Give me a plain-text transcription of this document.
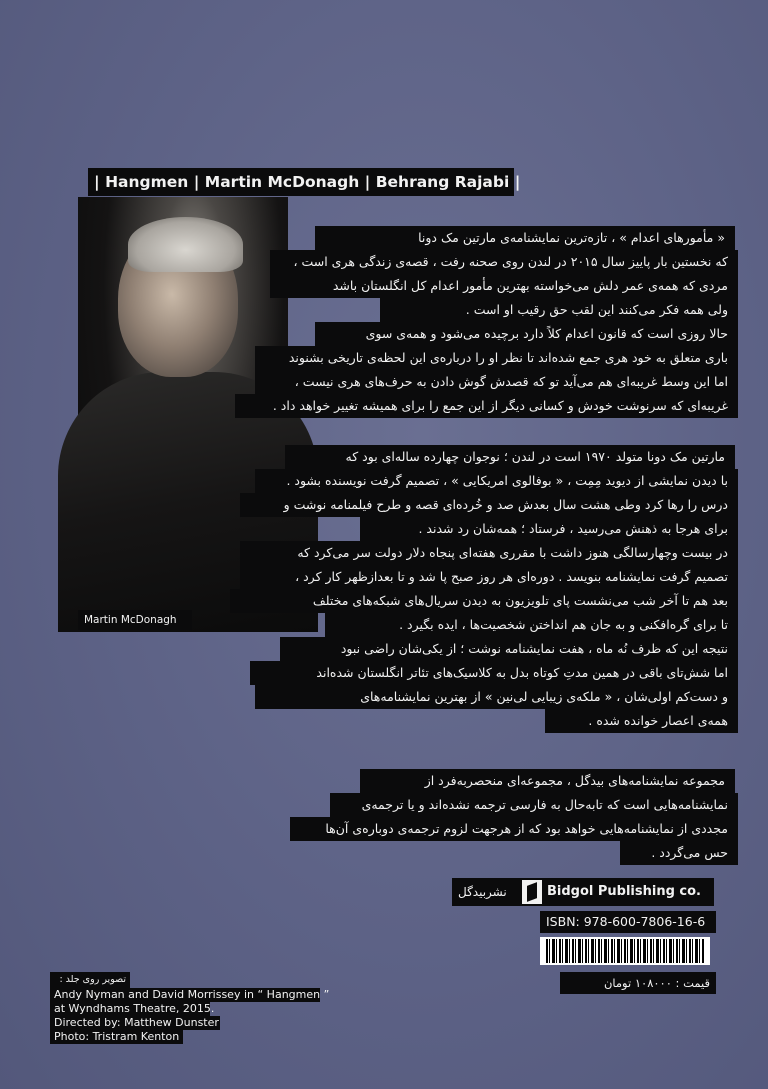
| Hangmen | Martin McDonagh | Behrang Rajabi |
Martin McDonagh
« مأمورهای اعدام » ، تازه‌ترین نمایشنامه‌ی مارتین مک دونا
که نخستین بار پاییز سال ۲۰۱۵ در لندن روی صحنه رفت ، قصه‌ی زندگی هری است ،
مردی که همه‌ی عمر دلش می‌خواسته بهترین مأمور اعدام کل انگلستان باشد
ولی همه فکر می‌کنند این لقب حق رقیب او است .
حالا روزی است که قانون اعدام کلاً دارد برچیده می‌شود و همه‌ی سوی
باری متعلق به خود هری جمع شده‌اند تا نظر او را درباره‌ی این لحظه‌ی تاریخی بشنوند
اما این وسط غریبه‌ای هم می‌آید تو که قصدش گوش دادن به حرف‌های هری نیست ،
غریبه‌ای که سرنوشت خودش و کسانی دیگر از این جمع را برای همیشه تغییر خواهد داد .
مارتین مک دونا متولد ۱۹۷۰ است در لندن ؛ نوجوان چهارده ساله‌ای بود که
با دیدن نمایشی از دیوید مِمِت ، « بوفالوی امریکایی » ، تصمیم گرفت نویسنده بشود .
درس را رها کرد وطی هشت سال بعدش صد و خُرده‌ای قصه و طرح فیلمنامه نوشت و
برای هرجا به ذهنش می‌رسید ، فرستاد ؛ همه‌شان رد شدند .
در بیست وچهارسالگی هنوز داشت با مقرری هفته‌ای پنجاه دلار دولت سر می‌کرد که
تصمیم گرفت نمایشنامه بنویسد . دوره‌ای هر روز صبح پا شد و تا بعدازظهر کار کرد ،
بعد هم تا آخر شب می‌نشست پای تلویزیون به دیدن سریال‌های شبکه‌های مختلف
تا برای گره‌افکنی و به جان هم انداختن شخصیت‌ها ، ایده بگیرد .
نتیجه این که ظرف نُه ماه ، هفت نمایشنامه نوشت ؛ از یکی‌شان راضی نبود
اما شش‌تای باقی در همین مدتِ کوتاه بدل به کلاسیک‌های تئاتر انگلستان شده‌اند
و دست‌کم اولی‌شان ، « ملکه‌ی زیبایی لی‌نین » از بهترین نمایشنامه‌های
همه‌ی اعصار خوانده شده .
مجموعه نمایشنامه‌های بیدگل ، مجموعه‌ای منحصربه‌فرد از
نمایشنامه‌هایی است که تابه‌حال به فارسی ترجمه نشده‌اند و یا ترجمه‌ی
مجددی از نمایشنامه‌هایی خواهد بود که از هرجهت لزوم ترجمه‌ی دوباره‌ی آن‌ها
حس می‌گردد .
نشربیدگل	Bidgol Publishing co.
ISBN: 978-600-7806-16-6
قیمت : ۱۰۸۰۰۰ تومان
تصویر روی جلد :
Andy Nyman and David Morrissey in “ Hangmen ”
at Wyndhams Theatre, 2015.
Directed by: Matthew Dunster
Photo: Tristram Kenton
